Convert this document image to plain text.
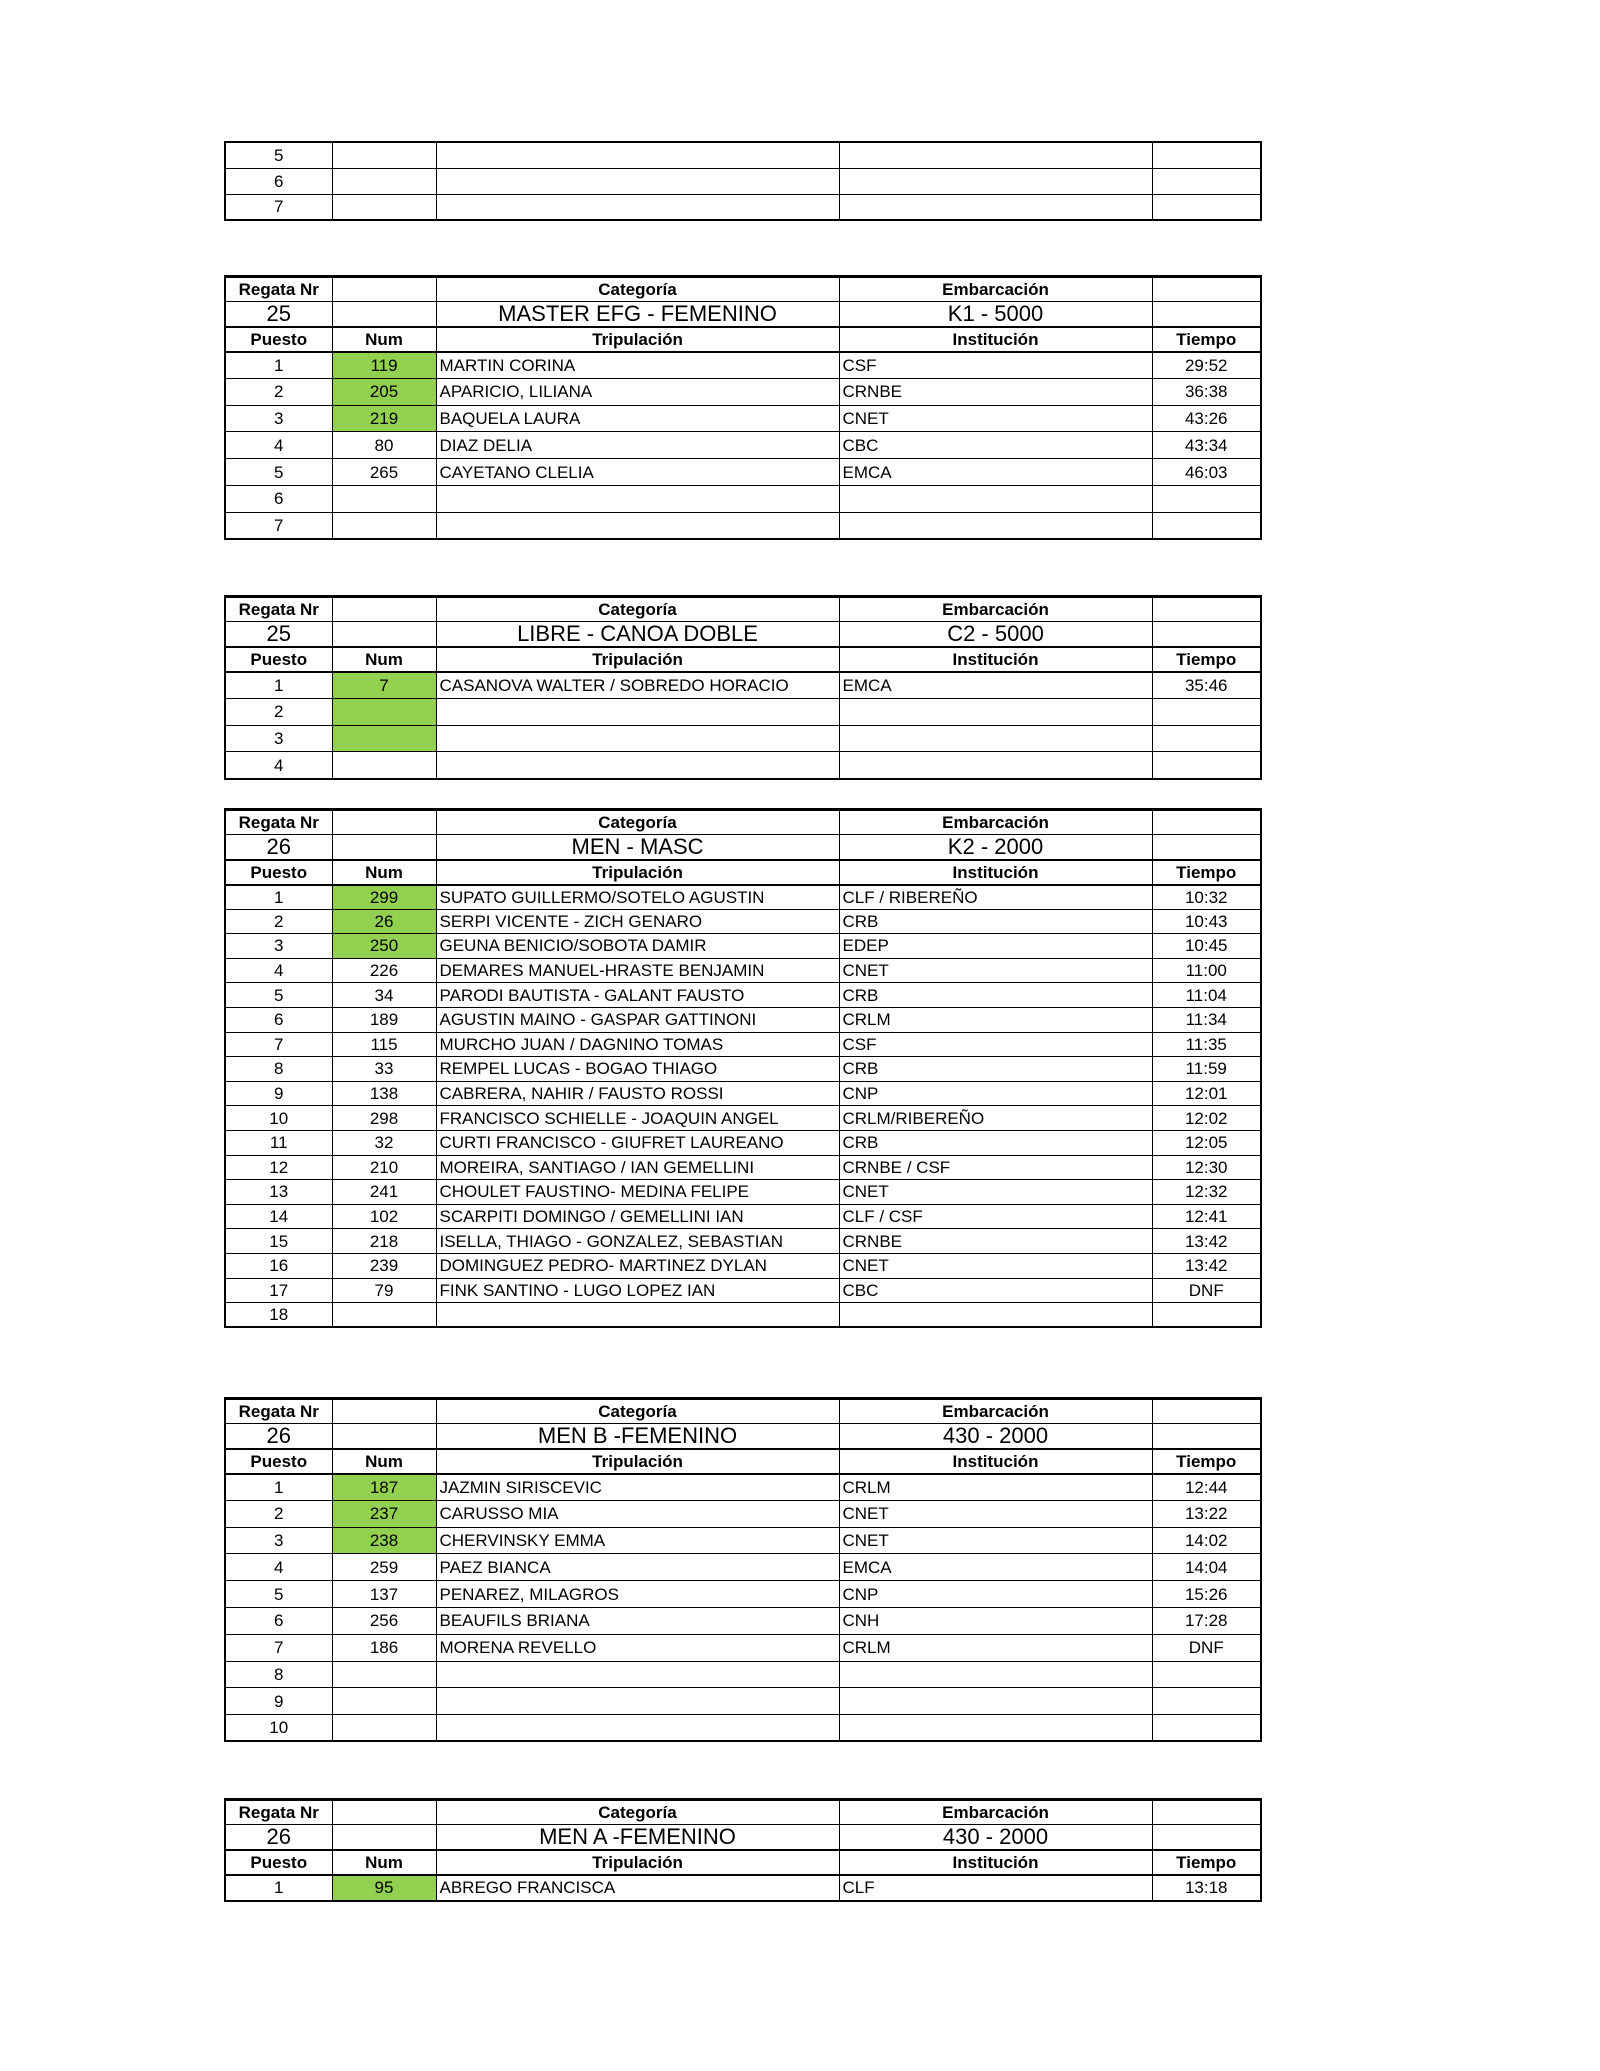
5				
6				
7				
Regata Nr		Categoría	Embarcación	
25		MASTER EFG - FEMENINO	K1 - 5000	
Puesto	Num	Tripulación	Institución	Tiempo
1	119	MARTIN CORINA	CSF	29:52
2	205	APARICIO, LILIANA	CRNBE	36:38
3	219	BAQUELA LAURA	CNET	43:26
4	80	DIAZ DELIA	CBC	43:34
5	265	CAYETANO CLELIA	EMCA	46:03
6				
7				
Regata Nr		Categoría	Embarcación	
25		LIBRE - CANOA DOBLE	C2 - 5000	
Puesto	Num	Tripulación	Institución	Tiempo
1	7	CASANOVA WALTER / SOBREDO HORACIO	EMCA	35:46
2				
3				
4				
Regata Nr		Categoría	Embarcación	
26		MEN - MASC	K2 - 2000	
Puesto	Num	Tripulación	Institución	Tiempo
1	299	SUPATO GUILLERMO/SOTELO AGUSTIN	CLF / RIBEREÑO	10:32
2	26	SERPI VICENTE - ZICH GENARO	CRB	10:43
3	250	GEUNA BENICIO/SOBOTA DAMIR	EDEP	10:45
4	226	DEMARES MANUEL-HRASTE BENJAMIN	CNET	11:00
5	34	PARODI BAUTISTA - GALANT FAUSTO	CRB	11:04
6	189	AGUSTIN MAINO - GASPAR GATTINONI	CRLM	11:34
7	115	MURCHO JUAN / DAGNINO TOMAS	CSF	11:35
8	33	REMPEL LUCAS - BOGAO THIAGO	CRB	11:59
9	138	CABRERA, NAHIR / FAUSTO ROSSI	CNP	12:01
10	298	FRANCISCO SCHIELLE - JOAQUIN ANGEL	CRLM/RIBEREÑO	12:02
11	32	CURTI FRANCISCO - GIUFRET LAUREANO	CRB	12:05
12	210	MOREIRA, SANTIAGO / IAN GEMELLINI	CRNBE / CSF	12:30
13	241	CHOULET FAUSTINO- MEDINA FELIPE	CNET	12:32
14	102	SCARPITI DOMINGO / GEMELLINI IAN	CLF / CSF	12:41
15	218	ISELLA, THIAGO - GONZALEZ, SEBASTIAN	CRNBE	13:42
16	239	DOMINGUEZ PEDRO- MARTINEZ DYLAN	CNET	13:42
17	79	FINK SANTINO - LUGO LOPEZ IAN	CBC	DNF
18				
Regata Nr		Categoría	Embarcación	
26		MEN B -FEMENINO	430 - 2000	
Puesto	Num	Tripulación	Institución	Tiempo
1	187	JAZMIN SIRISCEVIC	CRLM	12:44
2	237	CARUSSO MIA	CNET	13:22
3	238	CHERVINSKY EMMA	CNET	14:02
4	259	PAEZ BIANCA	EMCA	14:04
5	137	PENAREZ, MILAGROS	CNP	15:26
6	256	BEAUFILS BRIANA	CNH	17:28
7	186	MORENA REVELLO	CRLM	DNF
8				
9				
10				
Regata Nr		Categoría	Embarcación	
26		MEN A -FEMENINO	430 - 2000	
Puesto	Num	Tripulación	Institución	Tiempo
1	95	ABREGO FRANCISCA	CLF	13:18
